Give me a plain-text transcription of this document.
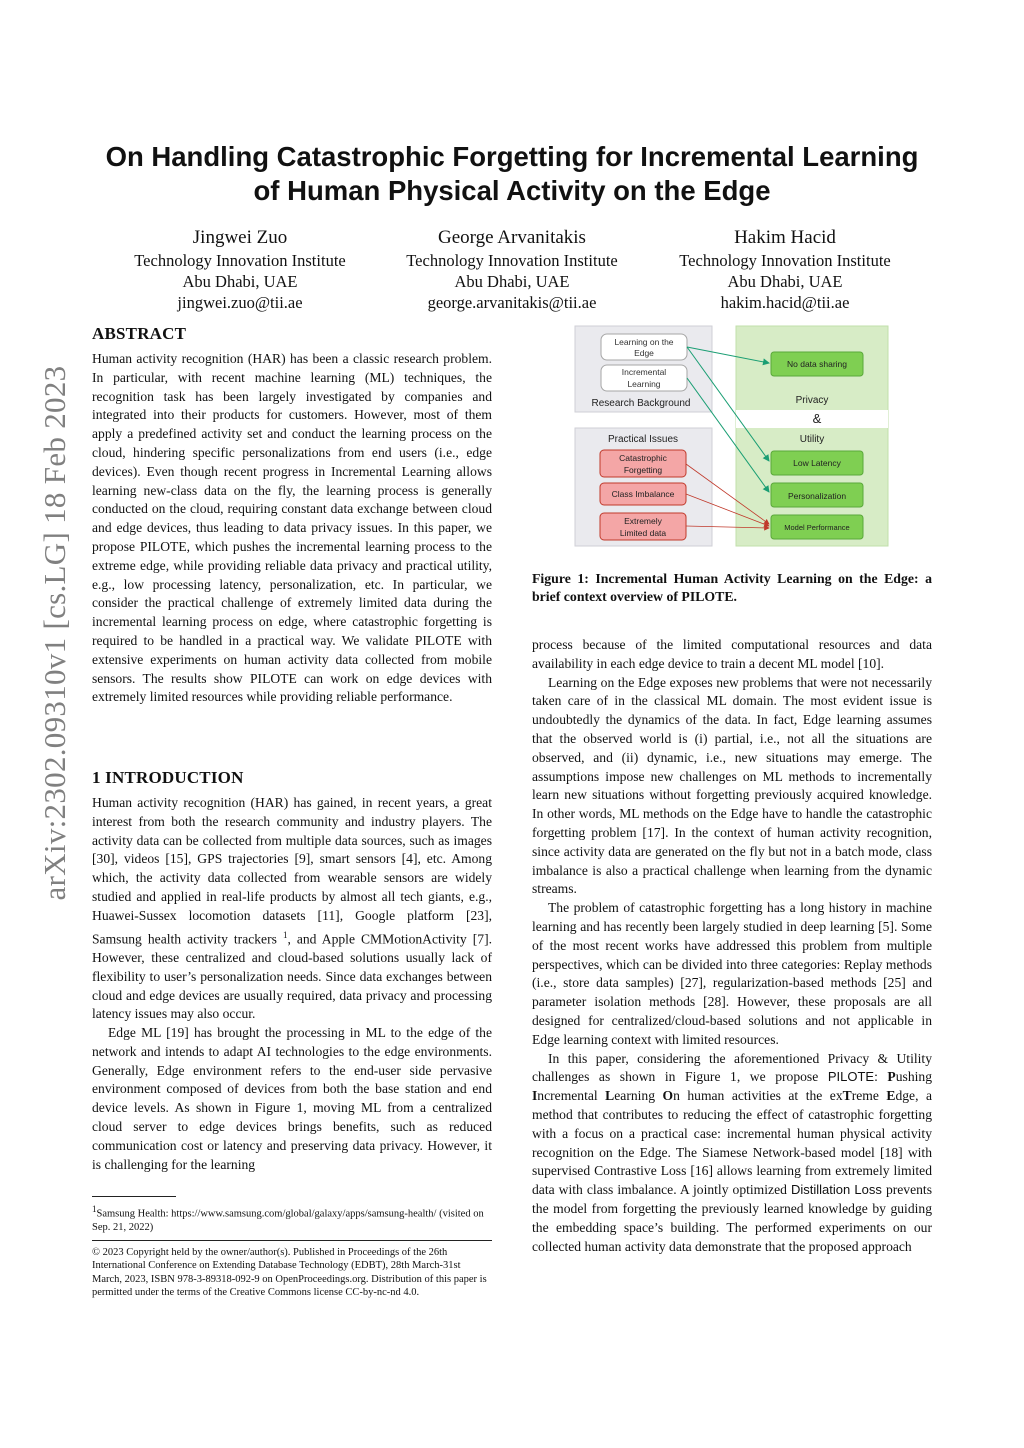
arXiv:2302.09310v1 [cs.LG] 18 Feb 2023
On Handling Catastrophic Forgetting for Incremental Learning of Human Physical Activity on the Edge
Jingwei Zuo
Technology Innovation Institute
Abu Dhabi, UAE
jingwei.zuo@tii.ae
George Arvanitakis
Technology Innovation Institute
Abu Dhabi, UAE
george.arvanitakis@tii.ae
Hakim Hacid
Technology Innovation Institute
Abu Dhabi, UAE
hakim.hacid@tii.ae
ABSTRACT

Human activity recognition (HAR) has been a classic research problem. In particular, with recent machine learning (ML) techniques, the recognition task has been largely investigated by companies and integrated into their products for customers. However, most of them apply a predefined activity set and conduct the learning process on the cloud, hindering specific personalizations from end users (i.e., edge devices). Even though recent progress in Incremental Learning allows learning new-class data on the fly, the learning process is generally conducted on the cloud, requiring constant data exchange between cloud and edge devices, thus leading to data privacy issues. In this paper, we propose PILOTE, which pushes the incremental learning process to the extreme edge, while providing reliable data privacy and practical utility, e.g., low processing latency, personalization, etc. In particular, we consider the practical challenge of extremely limited data during the incremental learning process on edge, where catastrophic forgetting is required to be handled in a practical way. We validate PILOTE with extensive experiments on human activity data collected from mobile sensors. The results show PILOTE can work on edge devices with extremely limited resources while providing reliable performance.

1 INTRODUCTION

Human activity recognition (HAR) has gained, in recent years, a great interest from both the research community and industry players. The activity data can be collected from multiple data sources, such as images [30], videos [15], GPS trajectories [9], smart sensors [4], etc. Among which, the activity data collected from wearable sensors are widely studied and applied in real-life products by almost all tech giants, e.g., Huawei-Sussex locomotion datasets [11], Google platform [23], Samsung health activity trackers $^1$, and Apple CMMotionActivity [7]. However, these centralized and cloud-based solutions usually lack of flexibility to user’s personalization needs. Since data exchanges between cloud and edge devices are usually required, data privacy and processing latency issues may also occur.

Edge ML [19] has brought the processing in ML to the edge of the network and intends to adapt AI technologies to the edge environments. Generally, Edge environment refers to the end-user side pervasive environment composed of devices from both the base station and end device levels. As shown in Figure 1, moving ML from a centralized cloud server to edge devices brings benefits, such as reduced communication cost or latency and preserving data privacy. However, it is challenging for the learning

$^1$Samsung Health: https://www.samsung.com/global/galaxy/apps/samsung-health/ (visited on Sep. 21, 2022)
© 2023 Copyright held by the owner/author(s). Published in Proceedings of the 26th International Conference on Extending Database Technology (EDBT), 28th March-31st March, 2023, ISBN 978-3-89318-092-9 on OpenProceedings.org. Distribution of this paper is permitted under the terms of the Creative Commons license CC-by-nc-nd 4.0.
Learning on the
Edge
Incremental
Learning
Research Background
Practical Issues
Catastrophic
Forgetting
Class Imbalance
Extremely
Limited data
No data sharing
Privacy
&
Utility
Low Latency
Personalization
Model Performance
Figure 1: Incremental Human Activity Learning on the Edge: a brief context overview of PILOTE.

process because of the limited computational resources and data availability in each edge device to train a decent ML model [10].

Learning on the Edge exposes new problems that were not necessarily taken care of in the classical ML domain. The most evident issue is undoubtedly the dynamics of the data. In fact, Edge learning assumes that the observed world is (i) partial, i.e., not all the situations are observed, and (ii) dynamic, i.e., new situations may emerge. The assumptions impose new challenges on ML methods to incrementally learn new situations without forgetting previously acquired knowledge. In other words, ML methods on the Edge have to handle the catastrophic forgetting problem [17]. In the context of human activity recognition, since activity data are generated on the fly but not in a batch mode, class imbalance is also a practical challenge when learning from the dynamic streams.

The problem of catastrophic forgetting has a long history in machine learning and has recently been largely studied in deep learning [5]. Some of the most recent works have addressed this problem from multiple perspectives, which can be divided into three categories: Replay methods (i.e., store data samples) [27], regularization-based methods [25] and parameter isolation methods [28]. However, these proposals are all designed for centralized/cloud-based solutions and not applicable in Edge learning context with limited resources.

In this paper, considering the aforementioned Privacy & Utility challenges as shown in Figure 1, we propose PILOTE: Pushing Incremental Learning On human activities at the exTreme Edge, a method that contributes to reducing the effect of catastrophic forgetting with a focus on a practical case: incremental human physical activity recognition on the Edge. The Siamese Network-based model [18] with supervised Contrastive Loss [16] allows learning from extremely limited data with class imbalance. A jointly optimized Distillation Loss prevents the model from forgetting the previously learned knowledge by guiding the embedding space’s building. The performed experiments on our collected human activity data demonstrate that the proposed approach
